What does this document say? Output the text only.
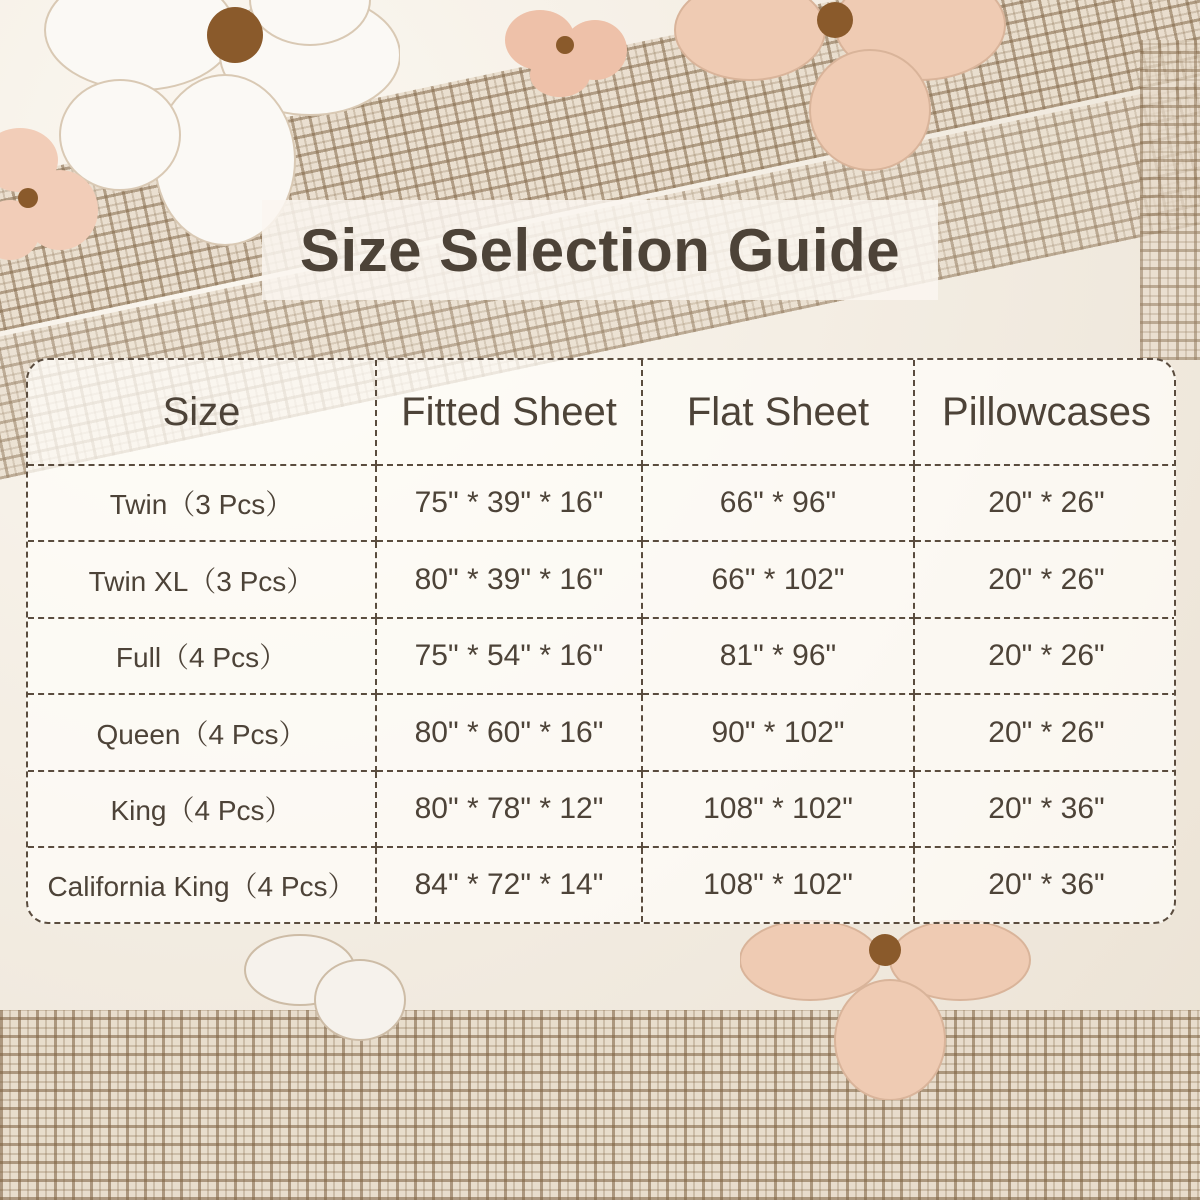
Size Selection Guide
Size	Fitted Sheet	Flat Sheet	Pillowcases
Twin（3 Pcs）	75" * 39" * 16"	66" * 96"	20" * 26"
Twin XL（3 Pcs）	80" * 39" * 16"	66" * 102"	20" * 26"
Full（4 Pcs）	75" * 54" * 16"	81" * 96"	20" * 26"
Queen（4 Pcs）	80" * 60" * 16"	90" * 102"	20" * 26"
King（4 Pcs）	80" * 78" * 12"	108" * 102"	20" * 36"
California King（4 Pcs）	84" * 72" * 14"	108" * 102"	20" * 36"
